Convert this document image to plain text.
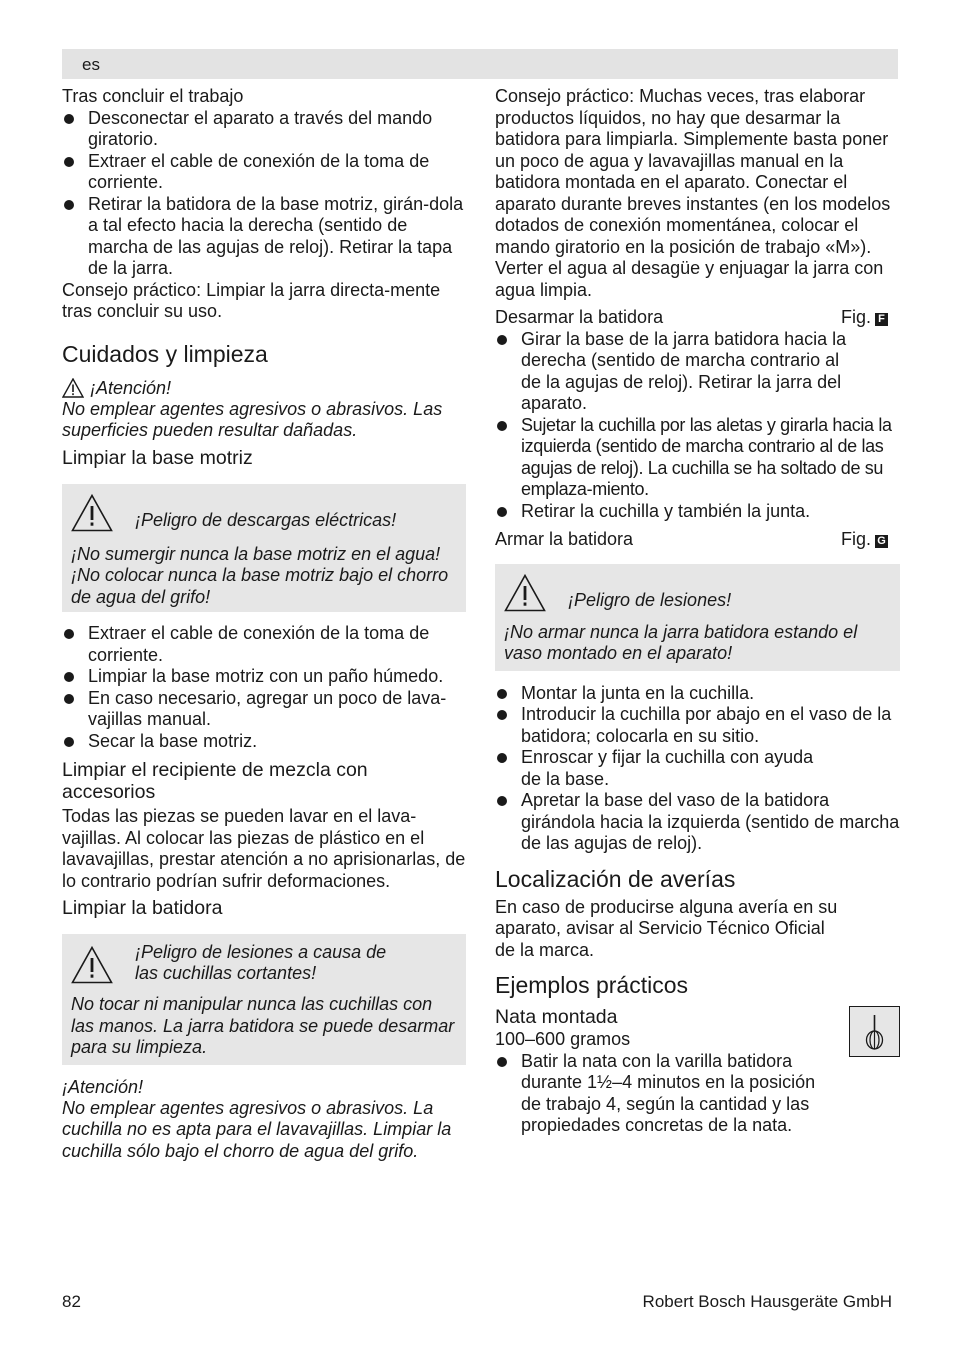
es

Tras concluir el trabajo

Desconectar el aparato a través del mando giratorio.
Extraer el cable de conexión de la toma de corriente.
Retirar la batidora de la base motriz, girán-dola a tal efecto hacia la derecha (sentido de marcha de las agujas de reloj). Retirar la tapa de la jarra.

Consejo práctico: Limpiar la jarra directa-mente tras concluir su uso.

Cuidados y limpieza

¡Atención!

No emplear agentes agresivos o abrasivos. Las superficies pueden resultar dañadas.

Limpiar la base motriz

¡Peligro de descargas eléctricas!

¡No sumergir nunca la base motriz en el agua! ¡No colocar nunca la base motriz bajo el chorro de agua del grifo!

Extraer el cable de conexión de la toma de corriente.
Limpiar la base motriz con un paño húmedo.
En caso necesario, agregar un poco de lava-vajillas manual.
Secar la base motriz.

Limpiar el recipiente de mezcla con accesorios

Todas las piezas se pueden lavar en el lava-vajillas. Al colocar las piezas de plástico en el lavavajillas, prestar atención a no aprisionarlas, de lo contrario podrían sufrir deformaciones.

Limpiar la batidora

¡Peligro de lesiones a causa de las cuchillas cortantes!

No tocar ni manipular nunca las cuchillas con las manos. La jarra batidora se puede desarmar para su limpieza.

¡Atención!

No emplear agentes agresivos o abrasivos. La cuchilla no es apta para el lavavajillas. Limpiar la cuchilla sólo bajo el chorro de agua del grifo.

Consejo práctico: Muchas veces, tras elaborar productos líquidos, no hay que desarmar la batidora para limpiarla. Simplemente basta poner un poco de agua y lavavajillas manual en la batidora montada en el aparato. Conectar el aparato durante breves instantes (en los modelos dotados de conexión momentánea, colocar el mando giratorio en la posición de trabajo «M»). Verter el agua al desagüe y enjuagar la jarra con agua limpia.

Desarmar la batidora	Fig. F
Girar la base de la jarra batidora hacia la derecha (sentido de marcha contrario al de la agujas de reloj). Retirar la jarra del aparato.
Sujetar la cuchilla por las aletas y girarla hacia la izquierda (sentido de marcha contrario al de las agujas de reloj). La cuchilla se ha soltado de su emplaza-miento.
Retirar la cuchilla y también la junta.
Armar la batidora	Fig. G
¡Peligro de lesiones!

¡No armar nunca la jarra batidora estando el vaso montado en el aparato!

Montar la junta en la cuchilla.
Introducir la cuchilla por abajo en el vaso de la batidora; colocarla en su sitio.
Enroscar y fijar la cuchilla con ayuda de la base.
Apretar la base del vaso de la batidora girándola hacia la izquierda (sentido de marcha de las agujas de reloj).

Localización de averías

En caso de producirse alguna avería en su aparato, avisar al Servicio Técnico Oficial de la marca.

Ejemplos prácticos

Nata montada

100–600 gramos

Batir la nata con la varilla batidora durante 1½–4 minutos en la posición de trabajo 4, según la cantidad y las propiedades concretas de la nata.
82	Robert Bosch Hausgeräte GmbH
